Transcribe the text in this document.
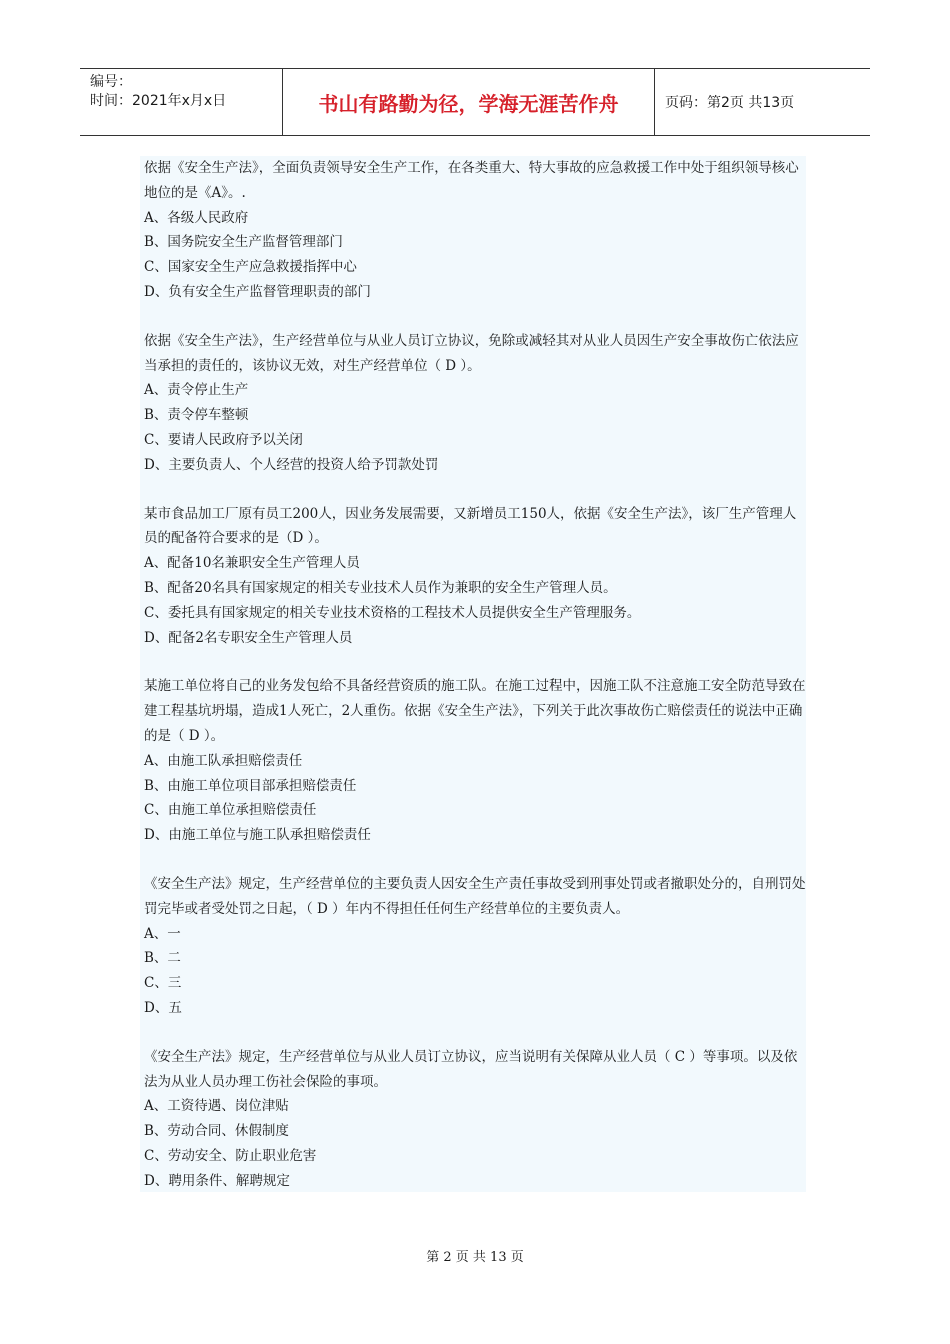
编号：
时间：2021年x月x日	书山有路勤为径，学海无涯苦作舟	页码：第2页 共13页

依据《安全生产法》，全面负责领导安全生产工作，在各类重大、特大事故的应急救援工作中处于组织领导核心地位的是《A》。.

A、各级人民政府

B、国务院安全生产监督管理部门

C、国家安全生产应急救援指挥中心

D、负有安全生产监督管理职责的部门

依据《安全生产法》，生产经营单位与从业人员订立协议，免除或减轻其对从业人员因生产安全事故伤亡依法应当承担的责任的，该协议无效，对生产经营单位（ D ）。

A、责令停止生产

B、责令停车整顿

C、要请人民政府予以关闭

D、主要负责人、个人经营的投资人给予罚款处罚

某市食品加工厂原有员工200人，因业务发展需要，又新增员工150人，依据《安全生产法》，该厂生产管理人员的配备符合要求的是（D ）。

A、配备10名兼职安全生产管理人员

B、配备20名具有国家规定的相关专业技术人员作为兼职的安全生产管理人员。

C、委托具有国家规定的相关专业技术资格的工程技术人员提供安全生产管理服务。

D、配备2名专职安全生产管理人员

某施工单位将自己的业务发包给不具备经营资质的施工队。在施工过程中，因施工队不注意施工安全防范导致在建工程基坑坍塌，造成1人死亡，2人重伤。依据《安全生产法》，下列关于此次事故伤亡赔偿责任的说法中正确的是（ D ）。

A、由施工队承担赔偿责任

B、由施工单位项目部承担赔偿责任

C、由施工单位承担赔偿责任

D、由施工单位与施工队承担赔偿责任

《安全生产法》规定，生产经营单位的主要负责人因安全生产责任事故受到刑事处罚或者撤职处分的，自刑罚处罚完毕或者受处罚之日起，（ D ）年内不得担任任何生产经营单位的主要负责人。

A、一

B、二

C、三

D、五

《安全生产法》规定，生产经营单位与从业人员订立协议，应当说明有关保障从业人员（ C ）等事项。以及依法为从业人员办理工伤社会保险的事项。

A、工资待遇、岗位津贴

B、劳动合同、休假制度

C、劳动安全、防止职业危害

D、聘用条件、解聘规定

第 2 页 共 13 页
